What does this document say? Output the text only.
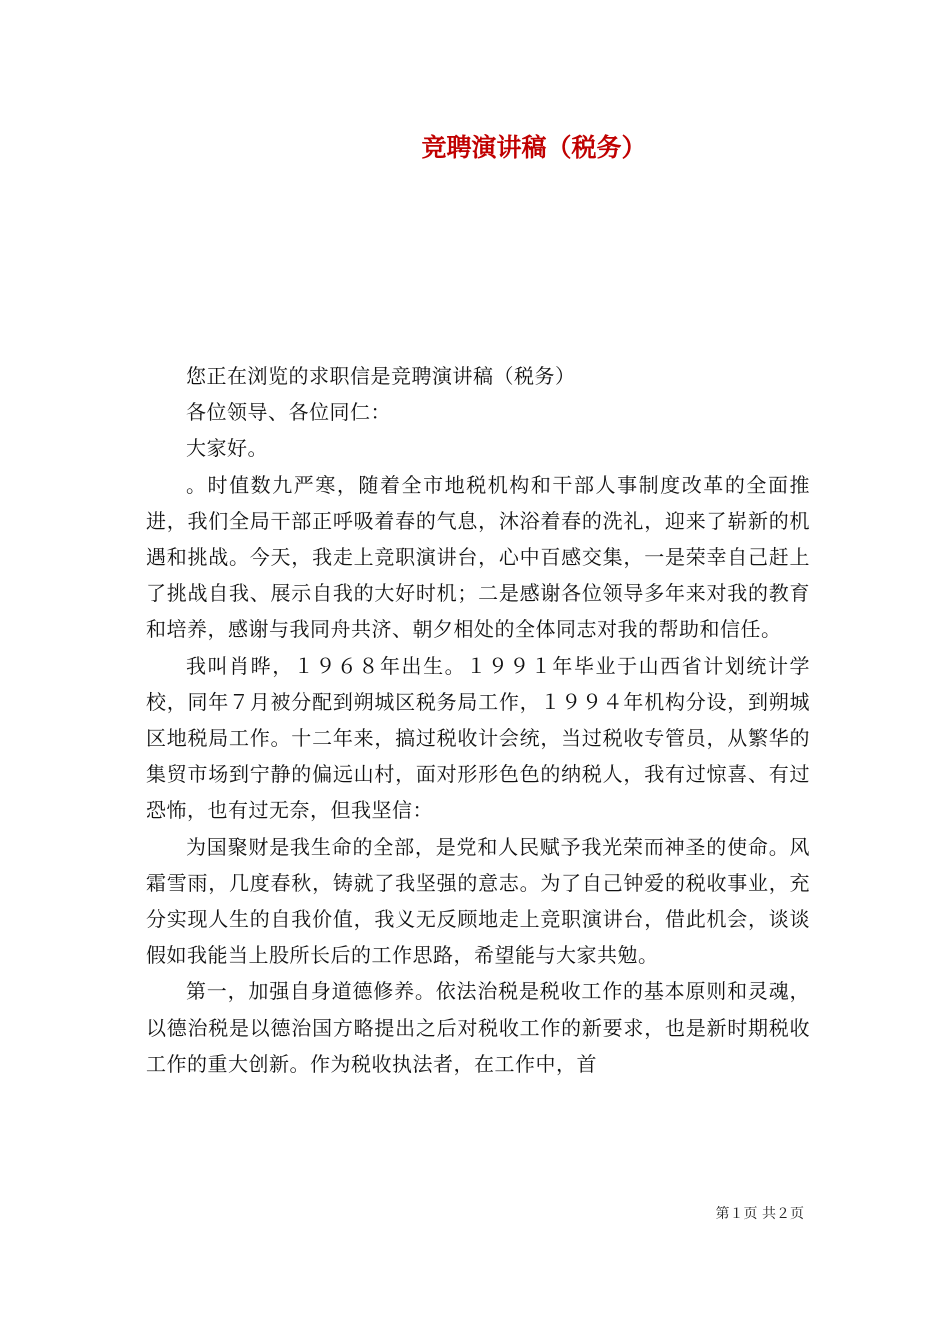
竞聘演讲稿（税务）

您正在浏览的求职信是竞聘演讲稿（税务）

各位领导、各位同仁：

大家好。

。时值数九严寒，随着全市地税机构和干部人事制度改革的全面推进，我们全局干部正呼吸着春的气息，沐浴着春的洗礼，迎来了崭新的机遇和挑战。今天，我走上竞职演讲台，心中百感交集，一是荣幸自己赶上了挑战自我、展示自我的大好时机；二是感谢各位领导多年来对我的教育和培养，感谢与我同舟共济、朝夕相处的全体同志对我的帮助和信任。

我叫肖晔，１９６８年出生。１９９１年毕业于山西省计划统计学校，同年７月被分配到朔城区税务局工作，１９９４年机构分设，到朔城区地税局工作。十二年来，搞过税收计会统，当过税收专管员，从繁华的集贸市场到宁静的偏远山村，面对形形色色的纳税人，我有过惊喜、有过恐怖，也有过无奈，但我坚信：

为国聚财是我生命的全部，是党和人民赋予我光荣而神圣的使命。风霜雪雨，几度春秋，铸就了我坚强的意志。为了自己钟爱的税收事业，充分实现人生的自我价值，我义无反顾地走上竞职演讲台，借此机会，谈谈假如我能当上股所长后的工作思路，希望能与大家共勉。

第一，加强自身道德修养。依法治税是税收工作的基本原则和灵魂，以德治税是以德治国方略提出之后对税收工作的新要求，也是新时期税收工作的重大创新。作为税收执法者，在工作中，首

第１页 共２页
